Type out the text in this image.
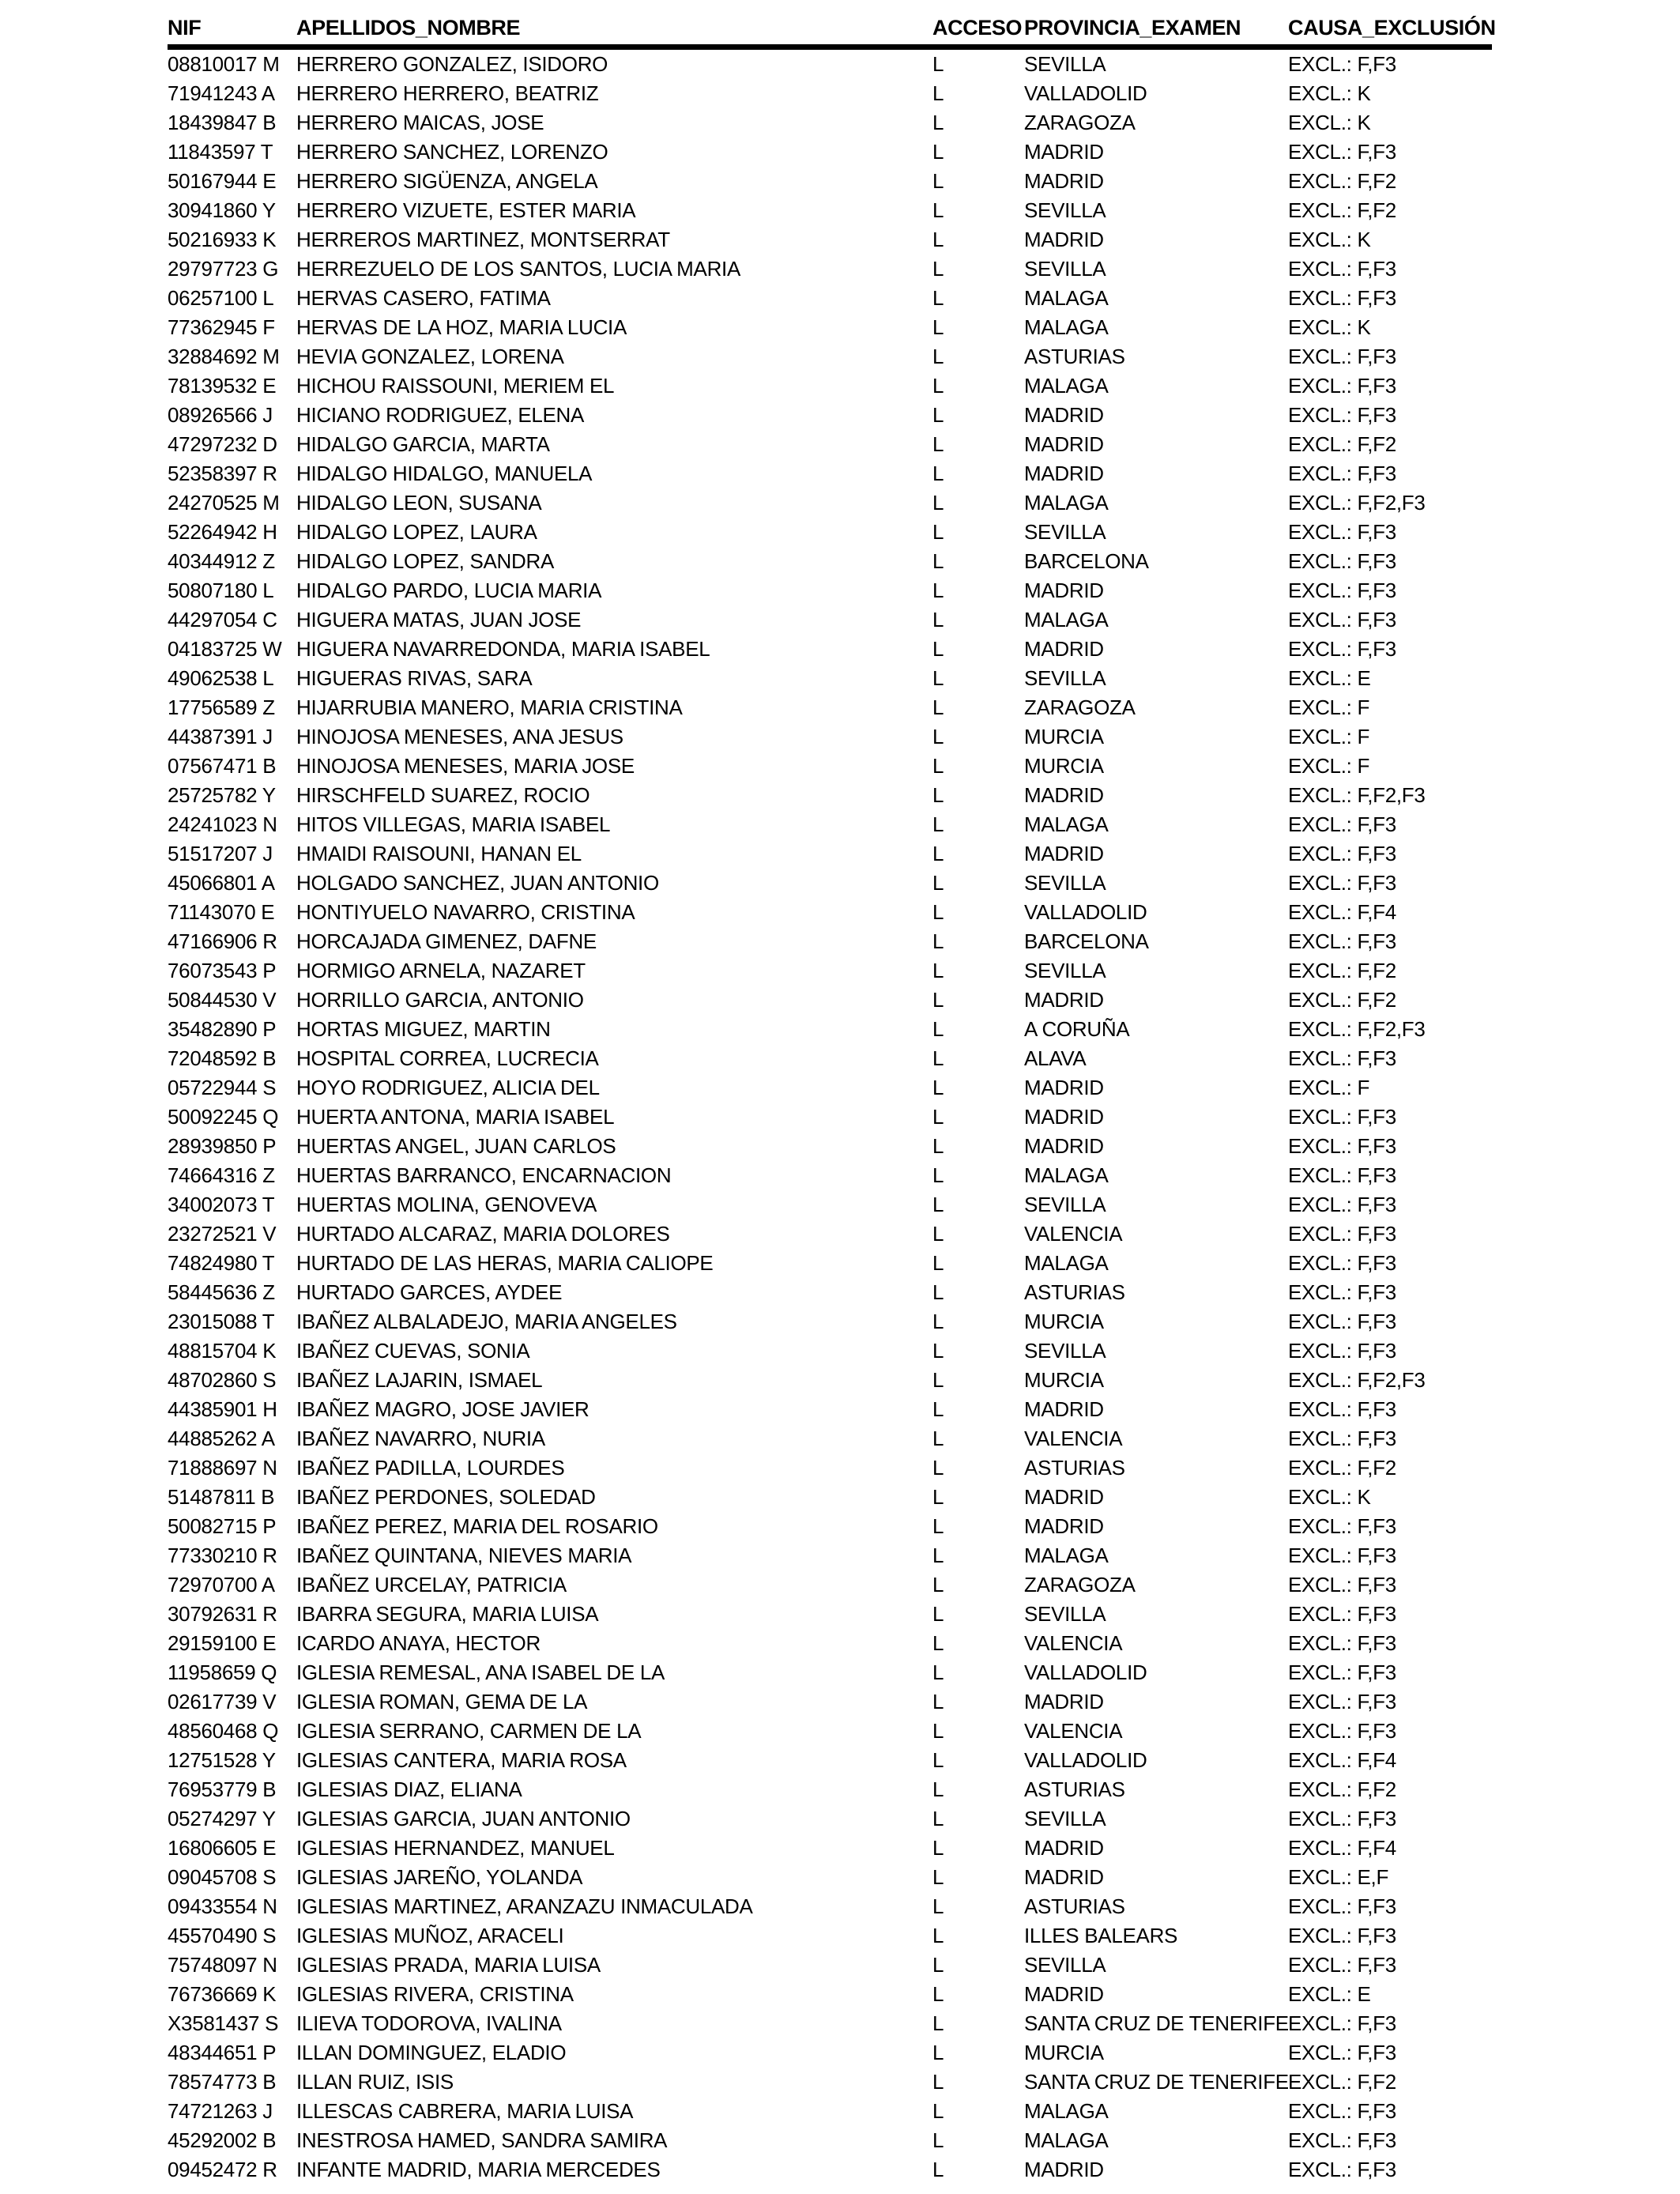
NIF	APELLIDOS_NOMBRE	ACCESO PROVINCIA_EXAMEN	CAUSA_EXCLUSIÓN
08810017 M HERRERO GONZALEZ, ISIDORO	L	SEVILLA	EXCL.: F,F3
71941243 A	HERRERO HERRERO, BEATRIZ	L	VALLADOLID	EXCL.: K
18439847 B HERRERO MAICAS, JOSE	L	ZARAGOZA	EXCL.: K
11843597 T	HERRERO SANCHEZ, LORENZO	L	MADRID	EXCL.: F,F3
50167944 E HERRERO SIGÜENZA, ANGELA	L	MADRID	EXCL.: F,F2
30941860 Y	HERRERO VIZUETE, ESTER MARIA	L	SEVILLA	EXCL.: F,F2
50216933 K HERREROS MARTINEZ, MONTSERRAT	L	MADRID	EXCL.: K
29797723 G HERREZUELO DE LOS SANTOS, LUCIA MARIA	L	SEVILLA	EXCL.: F,F3
06257100 L	HERVAS CASERO, FATIMA	L	MALAGA	EXCL.: F,F3
77362945 F	HERVAS DE LA HOZ, MARIA LUCIA	L	MALAGA	EXCL.: K
32884692 M HEVIA GONZALEZ, LORENA	L	ASTURIAS	EXCL.: F,F3
78139532 E HICHOU RAISSOUNI, MERIEM EL	L	MALAGA	EXCL.: F,F3
08926566 J	HICIANO RODRIGUEZ, ELENA	L	MADRID	EXCL.: F,F3
47297232 D HIDALGO GARCIA, MARTA	L	MADRID	EXCL.: F,F2
52358397 R HIDALGO HIDALGO, MANUELA	L	MADRID	EXCL.: F,F3
24270525 M HIDALGO LEON, SUSANA	L	MALAGA	EXCL.: F,F2,F3
52264942 H HIDALGO LOPEZ, LAURA	L	SEVILLA	EXCL.: F,F3
40344912 Z	HIDALGO LOPEZ, SANDRA	L	BARCELONA	EXCL.: F,F3
50807180 L	HIDALGO PARDO, LUCIA MARIA	L	MADRID	EXCL.: F,F3
44297054 C HIGUERA MATAS, JUAN JOSE	L	MALAGA	EXCL.: F,F3
04183725 W HIGUERA NAVARREDONDA, MARIA ISABEL	L	MADRID	EXCL.: F,F3
49062538 L	HIGUERAS RIVAS, SARA	L	SEVILLA	EXCL.: E
17756589 Z	HIJARRUBIA MANERO, MARIA CRISTINA	L	ZARAGOZA	EXCL.: F
44387391 J	HINOJOSA MENESES, ANA JESUS	L	MURCIA	EXCL.: F
07567471 B HINOJOSA MENESES, MARIA JOSE	L	MURCIA	EXCL.: F
25725782 Y	HIRSCHFELD SUAREZ, ROCIO	L	MADRID	EXCL.: F,F2,F3
24241023 N HITOS VILLEGAS, MARIA ISABEL	L	MALAGA	EXCL.: F,F3
51517207 J	HMAIDI RAISOUNI, HANAN EL	L	MADRID	EXCL.: F,F3
45066801 A	HOLGADO SANCHEZ, JUAN ANTONIO	L	SEVILLA	EXCL.: F,F3
71143070 E	HONTIYUELO NAVARRO, CRISTINA	L	VALLADOLID	EXCL.: F,F4
47166906 R HORCAJADA GIMENEZ, DAFNE	L	BARCELONA	EXCL.: F,F3
76073543 P HORMIGO ARNELA, NAZARET	L	SEVILLA	EXCL.: F,F2
50844530 V HORRILLO GARCIA, ANTONIO	L	MADRID	EXCL.: F,F2
35482890 P HORTAS MIGUEZ, MARTIN	L	A CORUÑA	EXCL.: F,F2,F3
72048592 B HOSPITAL CORREA, LUCRECIA	L	ALAVA	EXCL.: F,F3
05722944 S HOYO RODRIGUEZ, ALICIA DEL	L	MADRID	EXCL.: F
50092245 Q HUERTA ANTONA, MARIA ISABEL	L	MADRID	EXCL.: F,F3
28939850 P HUERTAS ANGEL, JUAN CARLOS	L	MADRID	EXCL.: F,F3
74664316 Z	HUERTAS BARRANCO, ENCARNACION	L	MALAGA	EXCL.: F,F3
34002073 T	HUERTAS MOLINA, GENOVEVA	L	SEVILLA	EXCL.: F,F3
23272521 V HURTADO ALCARAZ, MARIA DOLORES	L	VALENCIA	EXCL.: F,F3
74824980 T	HURTADO DE LAS HERAS, MARIA CALIOPE	L	MALAGA	EXCL.: F,F3
58445636 Z	HURTADO GARCES, AYDEE	L	ASTURIAS	EXCL.: F,F3
23015088 T	IBAÑEZ ALBALADEJO, MARIA ANGELES	L	MURCIA	EXCL.: F,F3
48815704 K IBAÑEZ CUEVAS, SONIA	L	SEVILLA	EXCL.: F,F3
48702860 S IBAÑEZ LAJARIN, ISMAEL	L	MURCIA	EXCL.: F,F2,F3
44385901 H IBAÑEZ MAGRO, JOSE JAVIER	L	MADRID	EXCL.: F,F3
44885262 A	IBAÑEZ NAVARRO, NURIA	L	VALENCIA	EXCL.: F,F3
71888697 N IBAÑEZ PADILLA, LOURDES	L	ASTURIAS	EXCL.: F,F2
51487811 B	IBAÑEZ PERDONES, SOLEDAD	L	MADRID	EXCL.: K
50082715 P IBAÑEZ PEREZ, MARIA DEL ROSARIO	L	MADRID	EXCL.: F,F3
77330210 R IBAÑEZ QUINTANA, NIEVES MARIA	L	MALAGA	EXCL.: F,F3
72970700 A	IBAÑEZ URCELAY, PATRICIA	L	ZARAGOZA	EXCL.: F,F3
30792631 R IBARRA SEGURA, MARIA LUISA	L	SEVILLA	EXCL.: F,F3
29159100 E ICARDO ANAYA, HECTOR	L	VALENCIA	EXCL.: F,F3
11958659 Q IGLESIA REMESAL, ANA ISABEL DE LA	L	VALLADOLID	EXCL.: F,F3
02617739 V IGLESIA ROMAN, GEMA DE LA	L	MADRID	EXCL.: F,F3
48560468 Q IGLESIA SERRANO, CARMEN DE LA	L	VALENCIA	EXCL.: F,F3
12751528 Y	IGLESIAS CANTERA, MARIA ROSA	L	VALLADOLID	EXCL.: F,F4
76953779 B IGLESIAS DIAZ, ELIANA	L	ASTURIAS	EXCL.: F,F2
05274297 Y	IGLESIAS GARCIA, JUAN ANTONIO	L	SEVILLA	EXCL.: F,F3
16806605 E IGLESIAS HERNANDEZ, MANUEL	L	MADRID	EXCL.: F,F4
09045708 S IGLESIAS JAREÑO, YOLANDA	L	MADRID	EXCL.: E,F
09433554 N IGLESIAS MARTINEZ, ARANZAZU INMACULADA	L	ASTURIAS	EXCL.: F,F3
45570490 S IGLESIAS MUÑOZ, ARACELI	L	ILLES BALEARS	EXCL.: F,F3
75748097 N IGLESIAS PRADA, MARIA LUISA	L	SEVILLA	EXCL.: F,F3
76736669 K IGLESIAS RIVERA, CRISTINA	L	MADRID	EXCL.: E
X3581437 S ILIEVA TODOROVA, IVALINA	L	SANTA CRUZ DE TENERIFE EXCL.: F,F3
48344651 P ILLAN DOMINGUEZ, ELADIO	L	MURCIA	EXCL.: F,F3
78574773 B ILLAN RUIZ, ISIS	L	SANTA CRUZ DE TENERIFE EXCL.: F,F2
74721263 J	ILLESCAS CABRERA, MARIA LUISA	L	MALAGA	EXCL.: F,F3
45292002 B INESTROSA HAMED, SANDRA SAMIRA	L	MALAGA	EXCL.: F,F3
09452472 R INFANTE MADRID, MARIA MERCEDES	L	MADRID	EXCL.: F,F3
